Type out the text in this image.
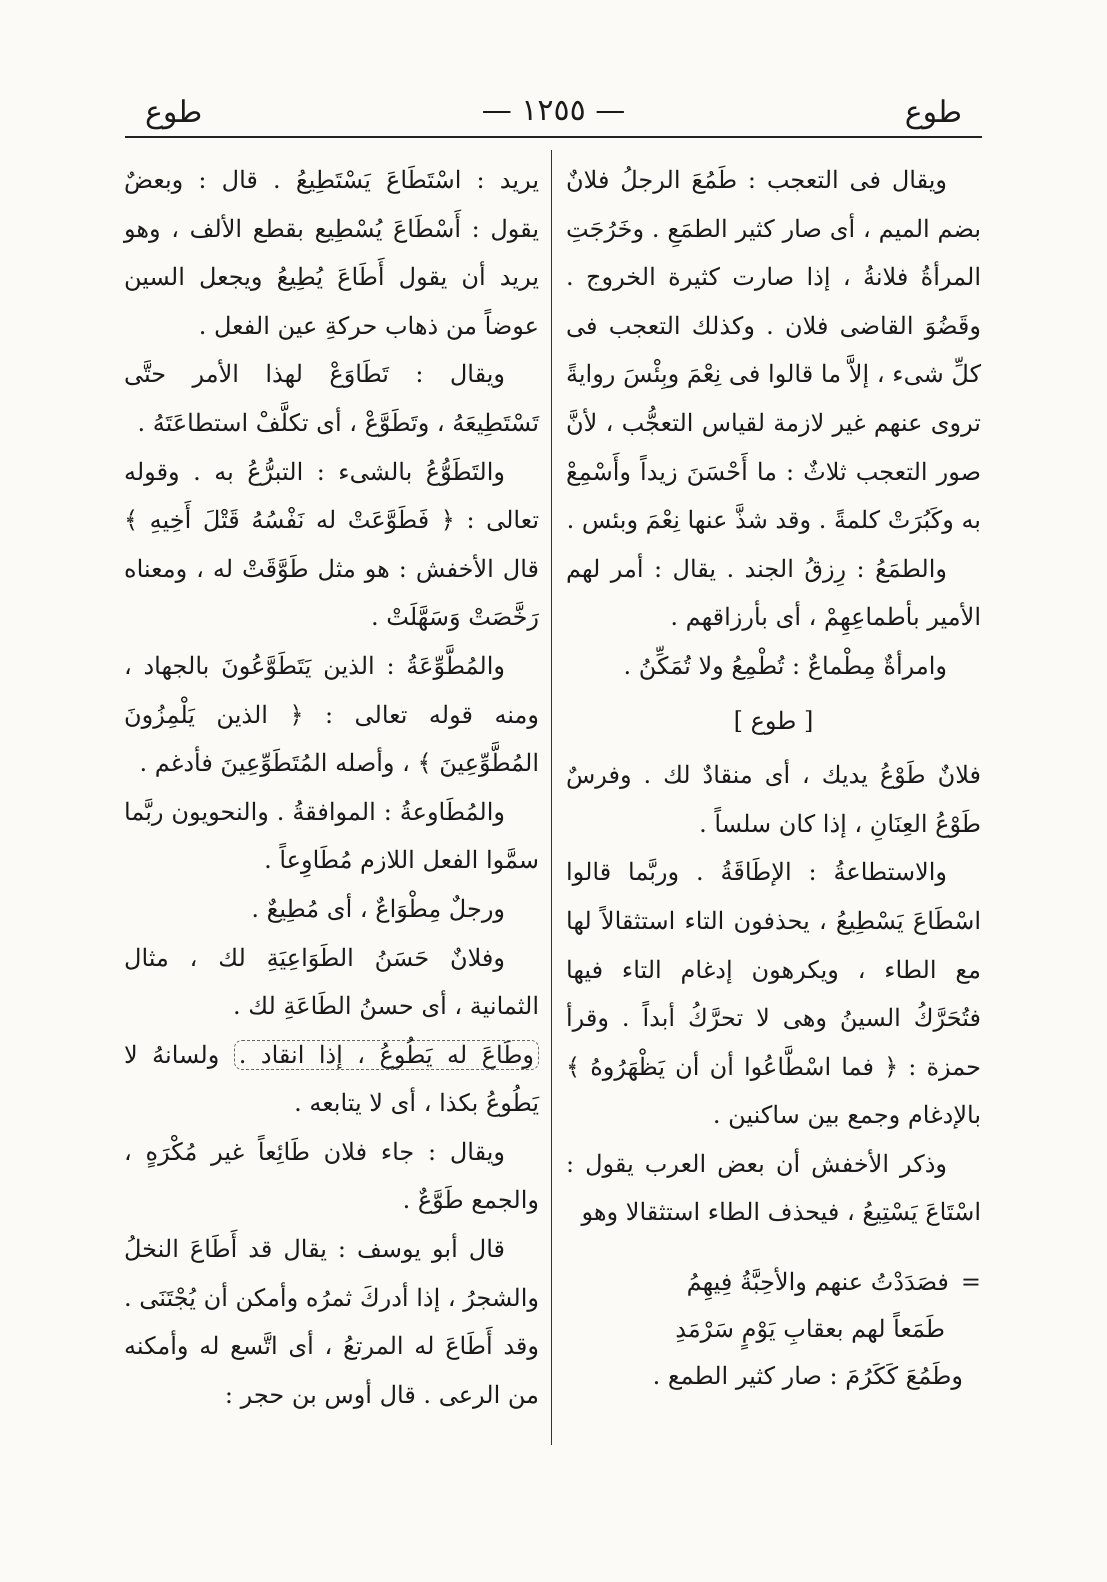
طوع
— ١٢٥٥ —
طوع

ويقال فى التعجب : طَمُعَ الرجلُ فلانٌ بضم الميم ، أى صار كثير الطمَعِ . وخَرُجَتِ المرأةُ فلانةُ ، إذا صارت كثيرة الخروج . وقَضُوَ القاضى فلان . وكذلك التعجب فى كلِّ شىء ، إلاَّ ما قالوا فى نِعْمَ وبِئْسَ روايةً تروى عنهم غير لازمة لقياس التعجُّب ، لأنَّ صور التعجب ثلاثٌ : ما أَحْسَنَ زيداً وأَسْمِعْ به وكَبُرَتْ كلمةً . وقد شذَّ عنها نِعْمَ وبئس .

والطمَعُ : رِزقُ الجند . يقال : أمر لهم الأمير بأطماعِهِمْ ، أى بأرزاقهم .

وامرأةٌ مِطْماعٌ : تُطْمِعُ ولا تُمَكِّنُ .

[ طوع ]

فلانٌ طَوْعُ يديك ، أى منقادٌ لك . وفرسٌ طَوْعُ العِنَانِ ، إذا كان سلساً .

والاستطاعةُ : الإطَاقَةُ . وربَّما قالوا اسْطَاعَ يَسْطِيعُ ، يحذفون التاء استثقالاً لها مع الطاء ، ويكرهون إدغام التاء فيها فتُحَرَّكُ السينُ وهى لا تحرَّكُ أبداً . وقرأ حمزة : ﴿ فما اسْطَّاعُوا أن أن يَظْهَرُوهُ ﴾ بالإدغام وجمع بين ساكنين .

وذكر الأخفش أن بعض العرب يقول : اسْتَاعَ يَسْتِيعُ ، فيحذف الطاء استثقالا وهو

=فصَدَدْتُ عنهم والأحِبَّةُ فِيهِمُ

طَمَعاً لهم بعقابِ يَوْمٍ سَرْمَدِ

وطَمُعَ كَكَرُمَ : صار كثير الطمع .

يريد : اسْتَطَاعَ يَسْتَطِيعُ . قال : وبعضٌ يقول : أَسْطَاعَ يُسْطِيع بقطع الألف ، وهو يريد أن يقول أَطَاعَ يُطِيعُ ويجعل السين عوضاً من ذهاب حركةِ عين الفعل .

ويقال : تَطَاوَعْ لهذا الأمر حتَّى تَسْتَطِيعَهُ ، وتَطَوَّعْ ، أى تكلَّفْ استطاعَتَهُ .

والتَطَوُّعُ بالشىء : التبرُّعُ به . وقوله تعالى : ﴿ فَطَوَّعَتْ له نَفْسُهُ قَتْلَ أَخِيهِ ﴾ قال الأخفش : هو مثل طَوَّقَتْ له ، ومعناه رَخَّصَتْ وَسَهَّلَتْ .

والمُطَّوِّعَةُ : الذين يَتَطَوَّعُونَ بالجهاد ، ومنه قوله تعالى : ﴿ الذين يَلْمِزُونَ المُطَّوِّعِينَ ﴾ ، وأصله المُتَطَوِّعِينَ فأدغم .

والمُطَاوعةُ : الموافقةُ . والنحويون ربَّما سمَّوا الفعل اللازم مُطَاوِعاً .

ورجلٌ مِطْوَاعٌ ، أى مُطِيعٌ .

وفلانٌ حَسَنُ الطَوَاعِيَةِ لك ، مثال الثمانية ، أى حسنُ الطَاعَةِ لك .

وطَاعَ له يَطُوعُ ، إذا انقاد . ولسانهُ لا يَطُوعُ بكذا ، أى لا يتابعه .

ويقال : جاء فلان طَائِعاً غير مُكْرَهٍ ، والجمع طَوَّعٌ .

قال أبو يوسف : يقال قد أَطَاعَ النخلُ والشجرُ ، إذا أدركَ ثمرُه وأمكن أن يُجْتَنَى . وقد أَطَاعَ له المرتعُ ، أى اتَّسع له وأمكنه من الرعى . قال أوس بن حجر :
